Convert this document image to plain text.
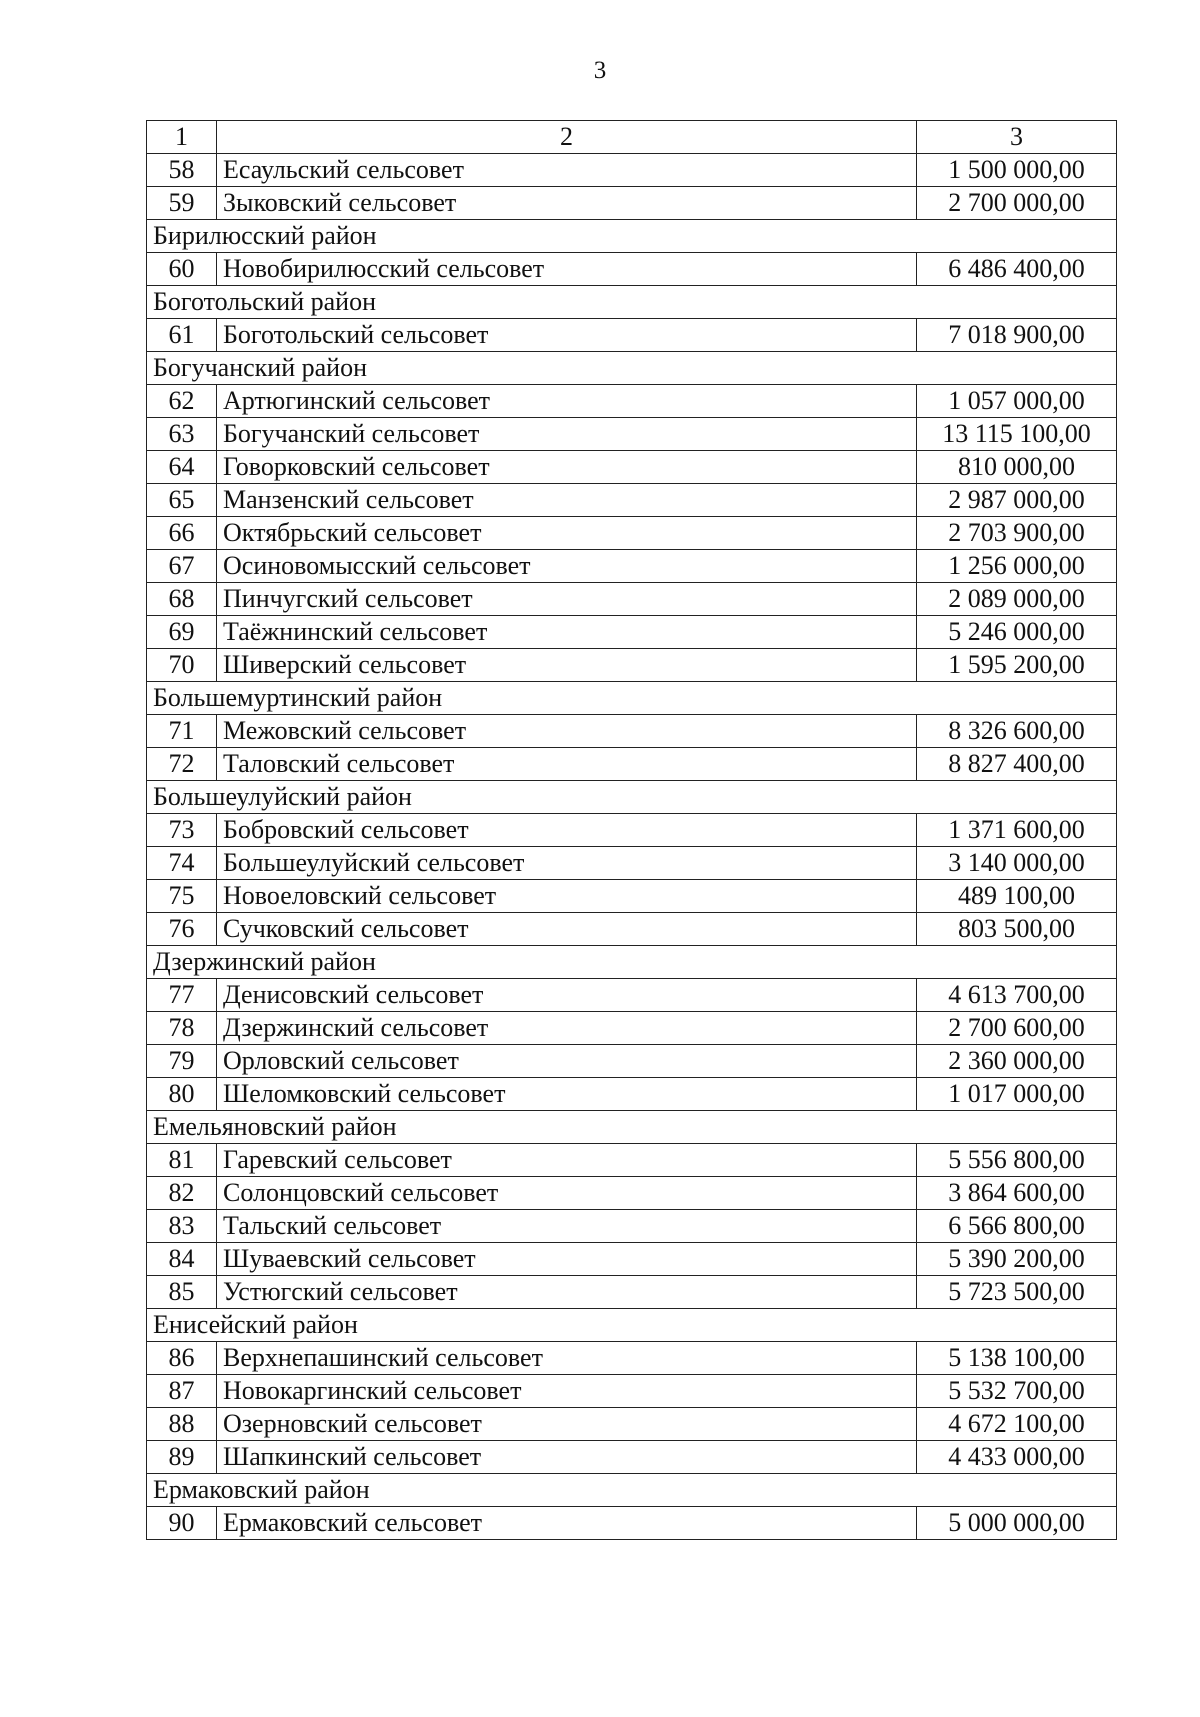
3
1	2	3
58	Есаульский сельсовет	1 500 000,00
59	Зыковский сельсовет	2 700 000,00
Бирилюсский район		
60	Новобирилюсский сельсовет	6 486 400,00
Боготольский район		
61	Боготольский сельсовет	7 018 900,00
Богучанский район		
62	Артюгинский сельсовет	1 057 000,00
63	Богучанский сельсовет	13 115 100,00
64	Говорковский сельсовет	810 000,00
65	Манзенский сельсовет	2 987 000,00
66	Октябрьский сельсовет	2 703 900,00
67	Осиновомысский сельсовет	1 256 000,00
68	Пинчугский сельсовет	2 089 000,00
69	Таёжнинский сельсовет	5 246 000,00
70	Шиверский сельсовет	1 595 200,00
Большемуртинский район		
71	Межовский сельсовет	8 326 600,00
72	Таловский сельсовет	8 827 400,00
Большеулуйский район		
73	Бобровский сельсовет	1 371 600,00
74	Большеулуйский сельсовет	3 140 000,00
75	Новоеловский сельсовет	489 100,00
76	Сучковский сельсовет	803 500,00
Дзержинский район		
77	Денисовский сельсовет	4 613 700,00
78	Дзержинский сельсовет	2 700 600,00
79	Орловский сельсовет	2 360 000,00
80	Шеломковский сельсовет	1 017 000,00
Емельяновский район		
81	Гаревский сельсовет	5 556 800,00
82	Солонцовский сельсовет	3 864 600,00
83	Тальский сельсовет	6 566 800,00
84	Шуваевский сельсовет	5 390 200,00
85	Устюгский сельсовет	5 723 500,00
Енисейский район		
86	Верхнепашинский сельсовет	5 138 100,00
87	Новокаргинский сельсовет	5 532 700,00
88	Озерновский сельсовет	4 672 100,00
89	Шапкинский сельсовет	4 433 000,00
Ермаковский район		
90	Ермаковский сельсовет	5 000 000,00
